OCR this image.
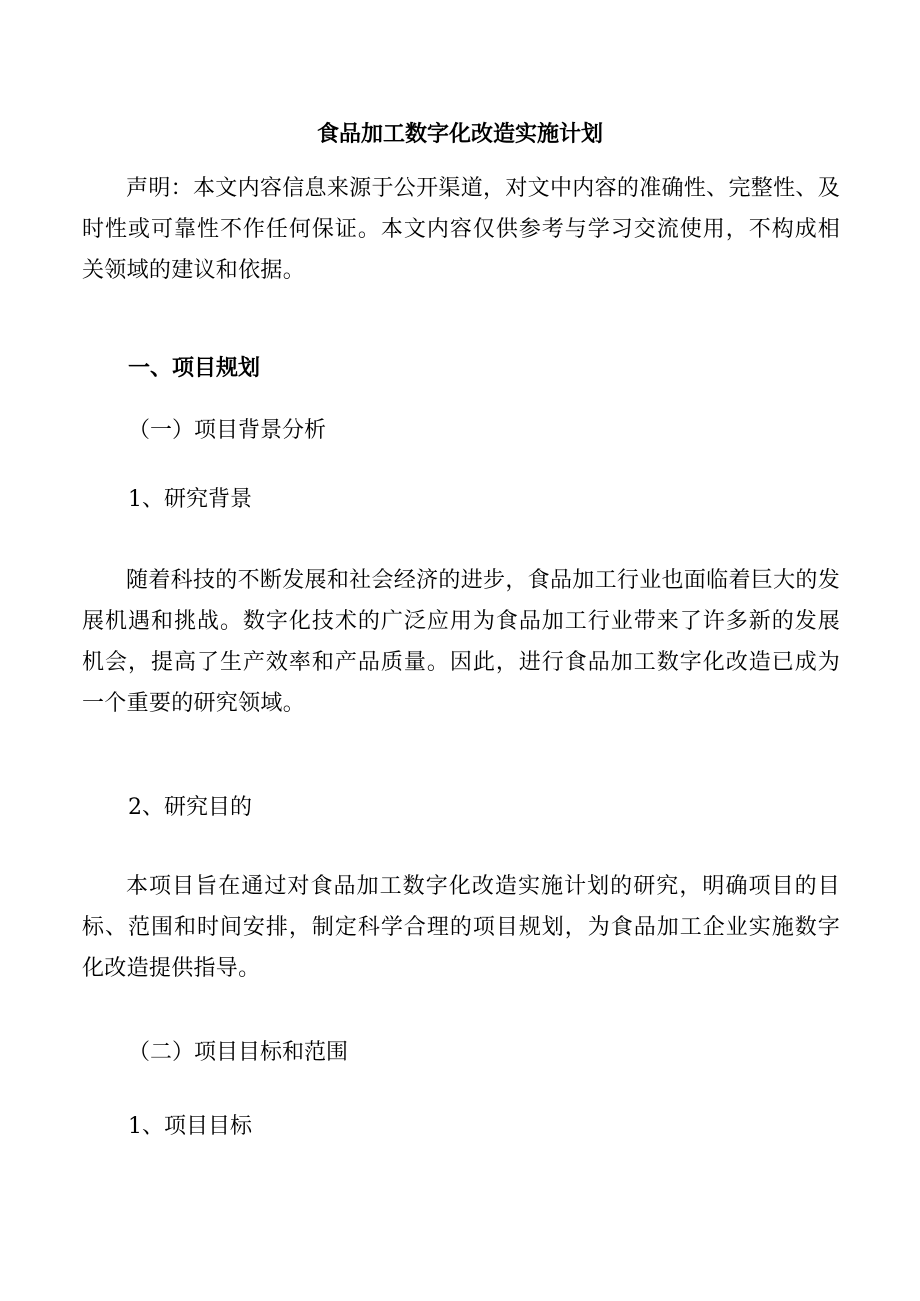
食品加工数字化改造实施计划
声明：本文内容信息来源于公开渠道，对文中内容的准确性、完整性、及时性或可靠性不作任何保证。本文内容仅供参考与学习交流使用，不构成相关领域的建议和依据。
一、项目规划
（一）项目背景分析
1、研究背景
随着科技的不断发展和社会经济的进步，食品加工行业也面临着巨大的发展机遇和挑战。数字化技术的广泛应用为食品加工行业带来了许多新的发展机会，提高了生产效率和产品质量。因此，进行食品加工数字化改造已成为一个重要的研究领域。
2、研究目的
本项目旨在通过对食品加工数字化改造实施计划的研究，明确项目的目标、范围和时间安排，制定科学合理的项目规划，为食品加工企业实施数字化改造提供指导。
（二）项目目标和范围
1、项目目标
